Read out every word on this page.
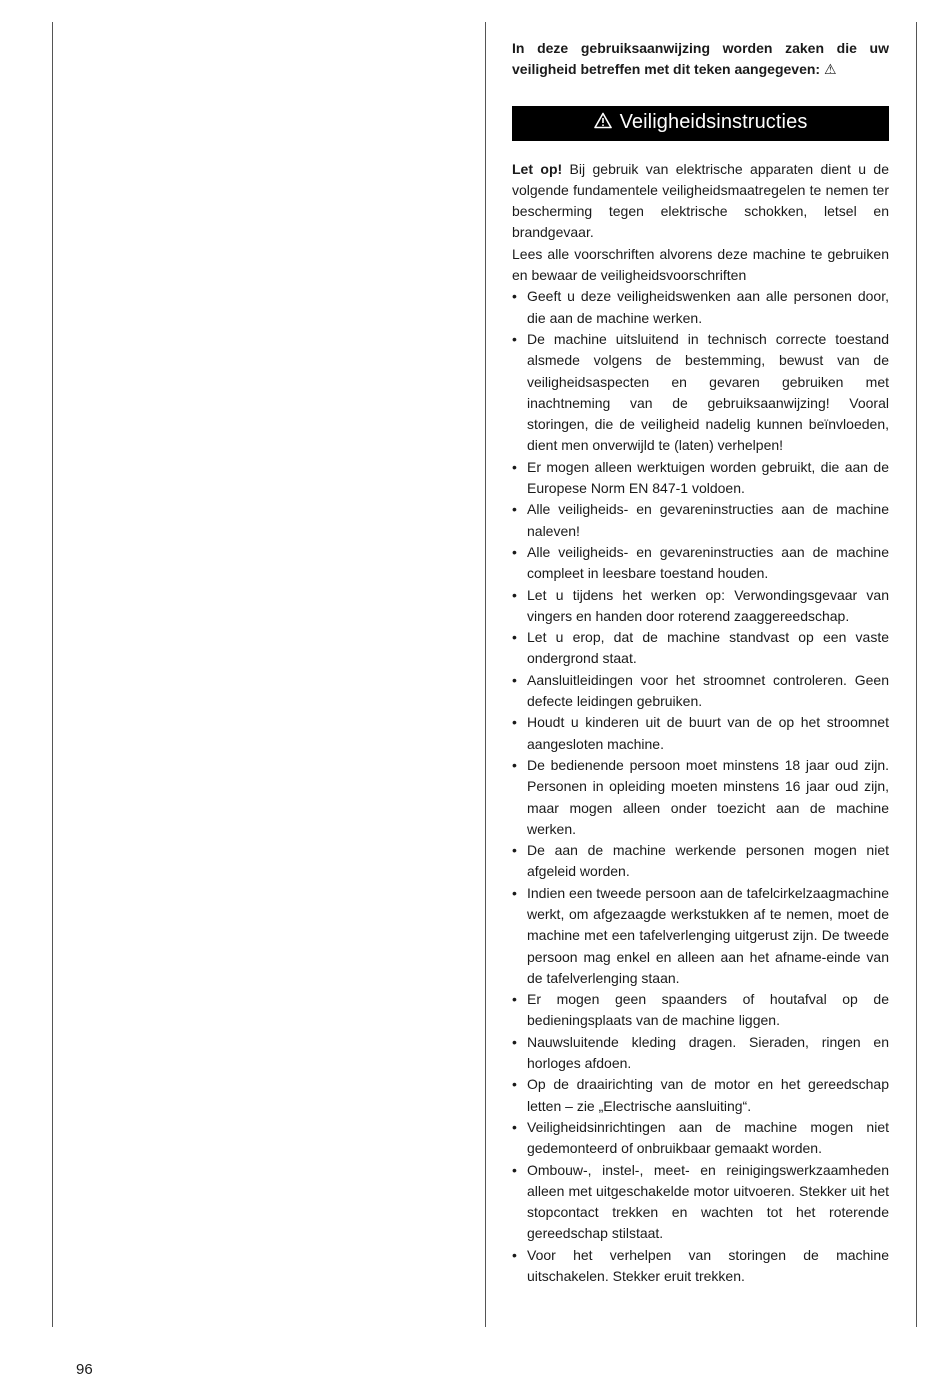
In deze gebruiksaanwijzing worden zaken die uw veiligheid betreffen met dit teken aangegeven: ⚠

Veiligheidsinstructies

Let op! Bij gebruik van elektrische apparaten dient u de volgende fundamentele veiligheidsmaatregelen te nemen ter bescherming tegen elektrische schokken, letsel en brandgevaar.

Lees alle voorschriften alvorens deze machine te gebruiken en bewaar de veiligheidsvoorschriften

• Geeft u deze veiligheidswenken aan alle personen door, die aan de machine werken.
• De machine uitsluitend in technisch correcte toestand alsmede volgens de bestemming, bewust van de veiligheidsaspecten en gevaren gebruiken met inachtneming van de gebruiksaanwijzing! Vooral storingen, die de veiligheid nadelig kunnen beïnvloeden, dient men onverwijld te (laten) verhelpen!
• Er mogen alleen werktuigen worden gebruikt, die aan de Europese Norm EN 847-1 voldoen.
• Alle veiligheids- en gevareninstructies aan de machine naleven!
• Alle veiligheids- en gevareninstructies aan de machine compleet in leesbare toestand houden.
• Let u tijdens het werken op: Verwondingsgevaar van vingers en handen door roterend zaaggereedschap.
• Let u erop, dat de machine standvast op een vaste ondergrond staat.
• Aansluitleidingen voor het stroomnet controleren. Geen defecte leidingen gebruiken.
• Houdt u kinderen uit de buurt van de op het stroomnet aangesloten machine.
• De bedienende persoon moet minstens 18 jaar oud zijn. Personen in opleiding moeten minstens 16 jaar oud zijn, maar mogen alleen onder toezicht aan de machine werken.
• De aan de machine werkende personen mogen niet afgeleid worden.
• Indien een tweede persoon aan de tafelcirkelzaagmachine werkt, om afgezaagde werkstukken af te nemen, moet de machine met een tafelverlenging uitgerust zijn. De tweede persoon mag enkel en alleen aan het afname-einde van de tafelverlenging staan.
• Er mogen geen spaanders of houtafval op de bedieningsplaats van de machine liggen.
• Nauwsluitende kleding dragen. Sieraden, ringen en horloges afdoen.
• Op de draairichting van de motor en het gereedschap letten – zie „Electrische aansluiting“.
• Veiligheidsinrichtingen aan de machine mogen niet gedemonteerd of onbruikbaar gemaakt worden.
• Ombouw-, instel-, meet- en reinigingswerkzaamheden alleen met uitgeschakelde motor uitvoeren. Stekker uit het stopcontact trekken en wachten tot het roterende gereedschap stilstaat.
• Voor het verhelpen van storingen de machine uitschakelen. Stekker eruit trekken.
96
